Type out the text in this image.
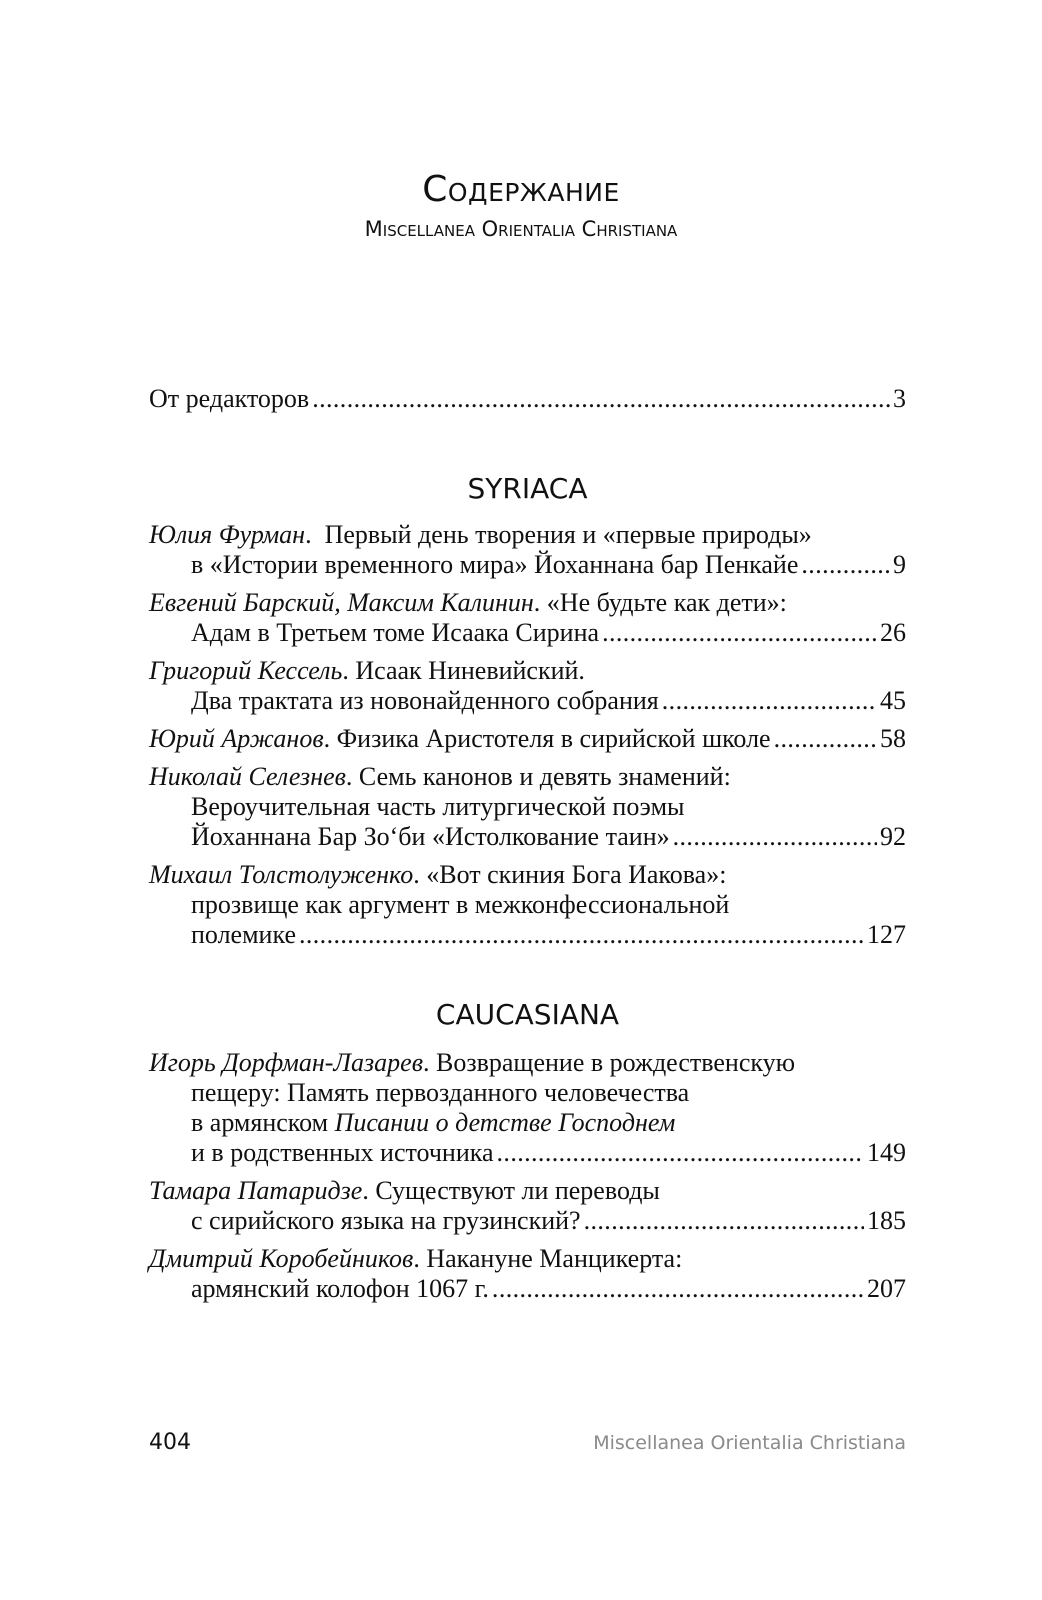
Содержание
Miscellanea Orientalia Christiana
От редакторов .....	3
SYRIACA
Юлия Фурман.  Первый день творения и «первые природы»
в «Истории временного мира» Йоханнана бар Пенкайе .....	9
Евгений Барский, Максим Калинин. «Не будьте как дети»:
Адам в Третьем томе Исаака Сирина .....	26
Григорий Кессель. Исаак Ниневийский.
Два трактата из новонайденного собрания .....	45
Юрий Аржанов. Физика Аристотеля в сирийской школе .....	58
Николай Селезнев. Семь канонов и девять знамений:
Вероучительная часть литургической поэмы
Йоханнана Бар Зо‘би «Истолкование таин» .....	92
Михаил Толстолуженко. «Вот скиния Бога Иакова»:
прозвище как аргумент в межконфессиональной
полемике .....	127
CAUCASIANA
Игорь Дорфман-Лазарев. Возвращение в рождественскую
пещеру: Память первозданного человечества
в армянском Писании о детстве Господнем
и в родственных источника .....	149
Тамара Патаридзе. Существуют ли переводы
с сирийского языка на грузинский? .....	185
Дмитрий Коробейников. Накануне Манцикерта:
армянский колофон 1067 г. .....	207
404	Miscellanea Orientalia Christiana
